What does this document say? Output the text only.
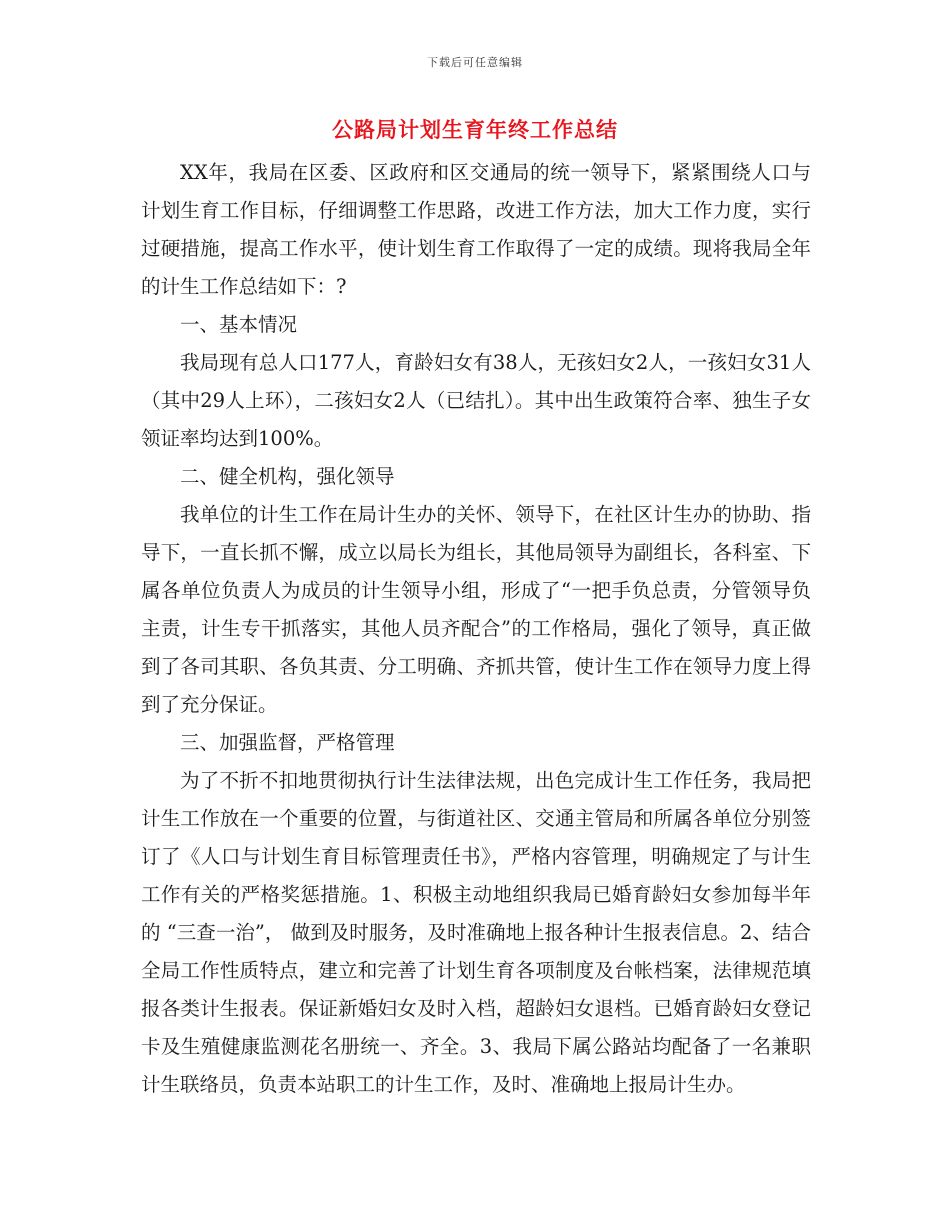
下载后可任意编辑
公路局计划生育年终工作总结

XX年，我局在区委、区政府和区交通局的统一领导下，紧紧围绕人口与计划生育工作目标，仔细调整工作思路，改进工作方法，加大工作力度，实行过硬措施，提高工作水平，使计划生育工作取得了一定的成绩。现将我局全年的计生工作总结如下：?

一、基本情况

我局现有总人口177人，育龄妇女有38人，无孩妇女2人，一孩妇女31人（其中29人上环），二孩妇女2人（已结扎）。其中出生政策符合率、独生子女领证率均达到100%。

二、健全机构，强化领导

我单位的计生工作在局计生办的关怀、领导下，在社区计生办的协助、指导下，一直长抓不懈，成立以局长为组长，其他局领导为副组长，各科室、下属各单位负责人为成员的计生领导小组，形成了“一把手负总责，分管领导负主责，计生专干抓落实，其他人员齐配合”的工作格局，强化了领导，真正做到了各司其职、各负其责、分工明确、齐抓共管，使计生工作在领导力度上得到了充分保证。

三、加强监督，严格管理

为了不折不扣地贯彻执行计生法律法规，出色完成计生工作任务，我局把计生工作放在一个重要的位置，与街道社区、交通主管局和所属各单位分别签订了《人口与计划生育目标管理责任书》，严格内容管理，明确规定了与计生工作有关的严格奖惩措施。1、积极主动地组织我局已婚育龄妇女参加每半年的 “三查一治”， 做到及时服务，及时准确地上报各种计生报表信息。2、结合全局工作性质特点，建立和完善了计划生育各项制度及台帐档案，法律规范填报各类计生报表。保证新婚妇女及时入档，超龄妇女退档。已婚育龄妇女登记卡及生殖健康监测花名册统一、齐全。3、我局下属公路站均配备了一名兼职计生联络员，负责本站职工的计生工作，及时、准确地上报局计生办。
